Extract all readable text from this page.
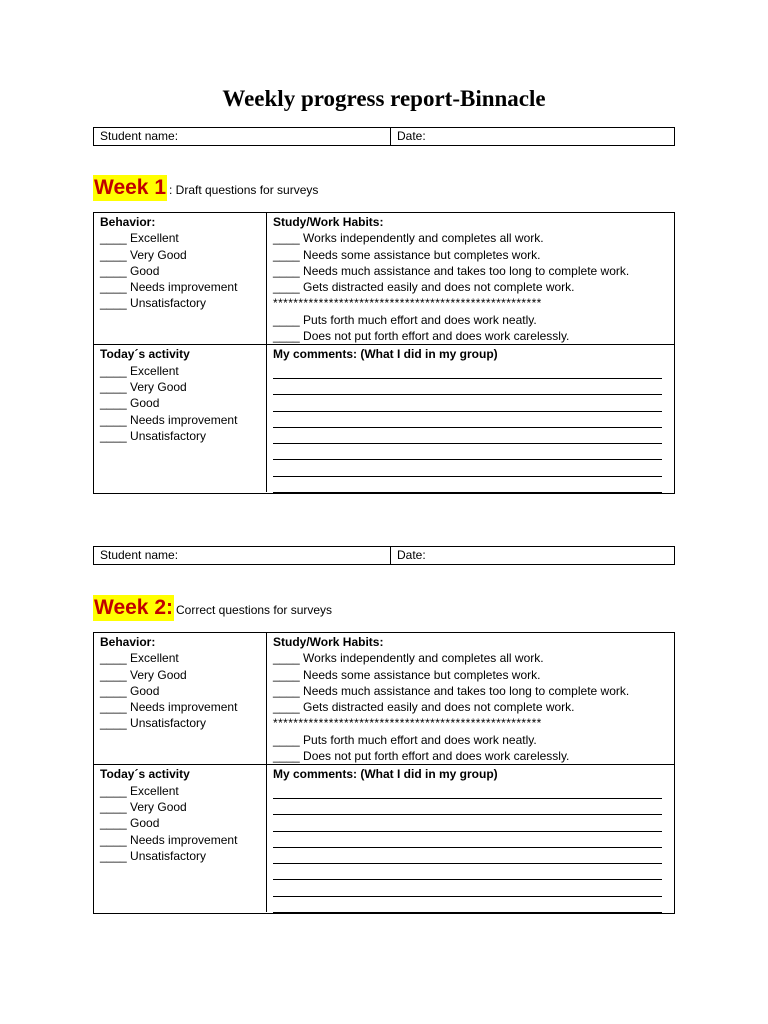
Weekly progress report-Binnacle
Student name:	Date:
Week 1 : Draft questions for surveys
Behavior:
____ Excellent
____ Very Good
____ Good
____ Needs improvement
____ Unsatisfactory
Study/Work Habits:
____ Works independently and completes all work.
____ Needs some assistance but completes work.
____ Needs much assistance and takes too long to complete work.
____ Gets distracted easily and does not complete work.
*****************************************************
____ Puts forth much effort and does work neatly.
____ Does not put forth effort and does work carelessly.
Today´s activity
____ Excellent
____ Very Good
____ Good
____ Needs improvement
____ Unsatisfactory
My comments: (What I did in my group)
Student name:	Date:
Week 2: Correct questions for surveys
Behavior:
____ Excellent
____ Very Good
____ Good
____ Needs improvement
____ Unsatisfactory
Study/Work Habits:
____ Works independently and completes all work.
____ Needs some assistance but completes work.
____ Needs much assistance and takes too long to complete work.
____ Gets distracted easily and does not complete work.
*****************************************************
____ Puts forth much effort and does work neatly.
____ Does not put forth effort and does work carelessly.
Today´s activity
____ Excellent
____ Very Good
____ Good
____ Needs improvement
____ Unsatisfactory
My comments: (What I did in my group)
